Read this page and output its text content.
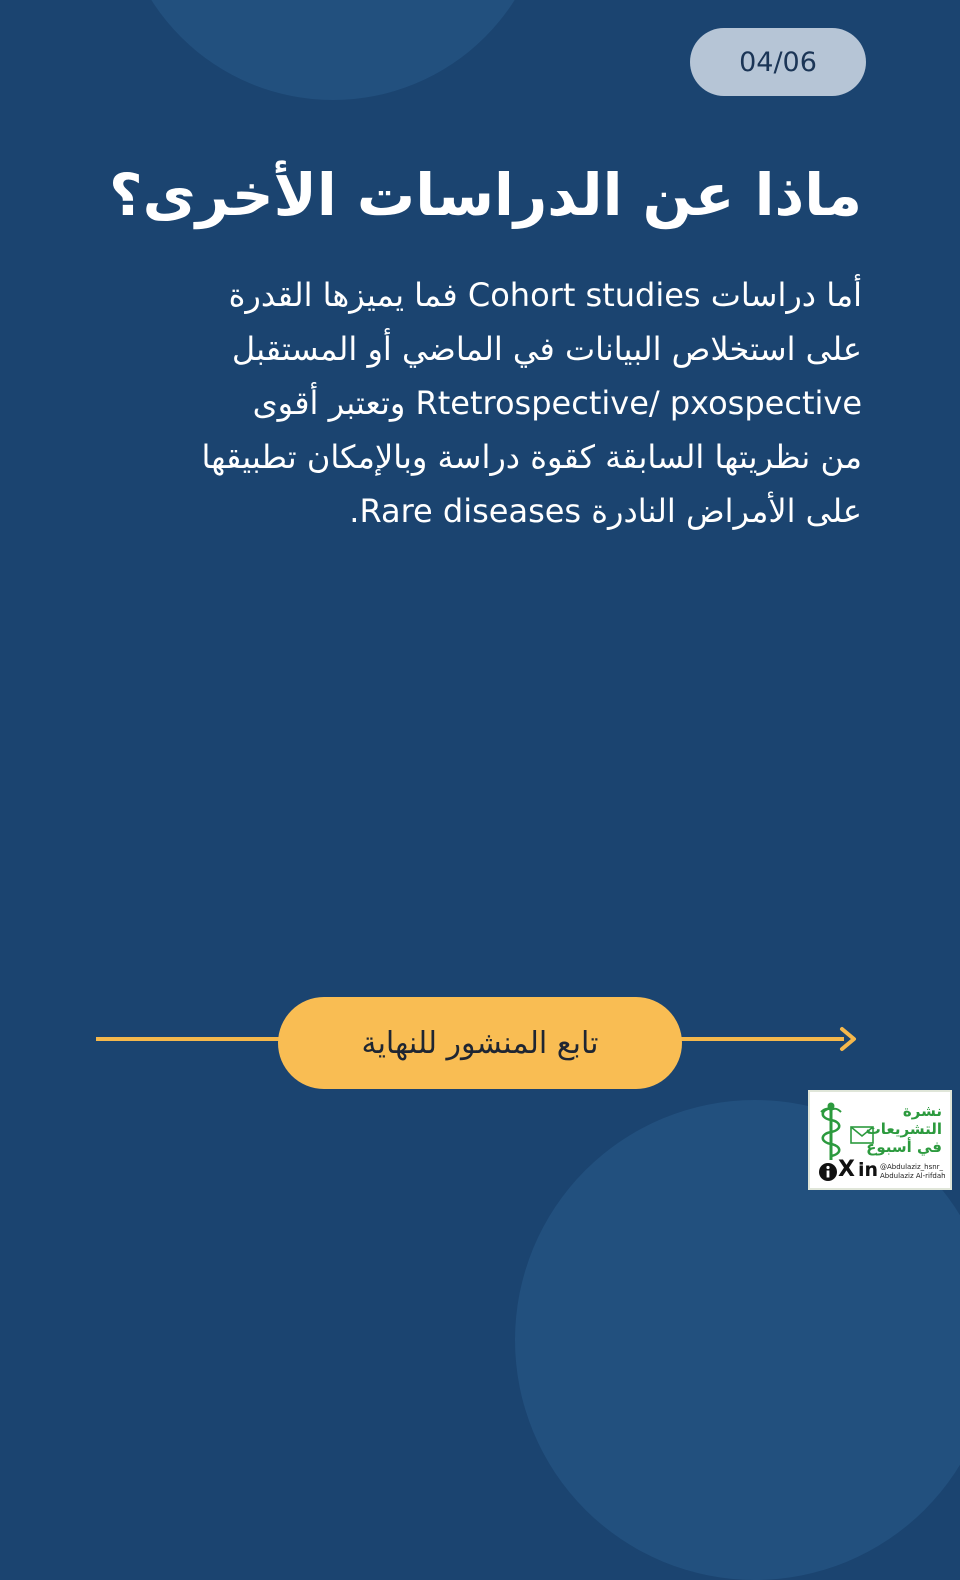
04/06
ماذا عن الدراسات الأخرى؟
أما دراسات Cohort studies فما يميزها القدرة
على استخلاص البيانات في الماضي أو المستقبل
Rtetrospective/ pxospective وتعتبر أقوى
من نظريتها السابقة كقوة دراسة وبالإمكان تطبيقها
على الأمراض النادرة Rare diseases.
تابع المنشور للنهاية
نشرة التشريعات
في أسبوع
X in @Abdulaziz_hsnr_
Abdulaziz Al-rifdah
